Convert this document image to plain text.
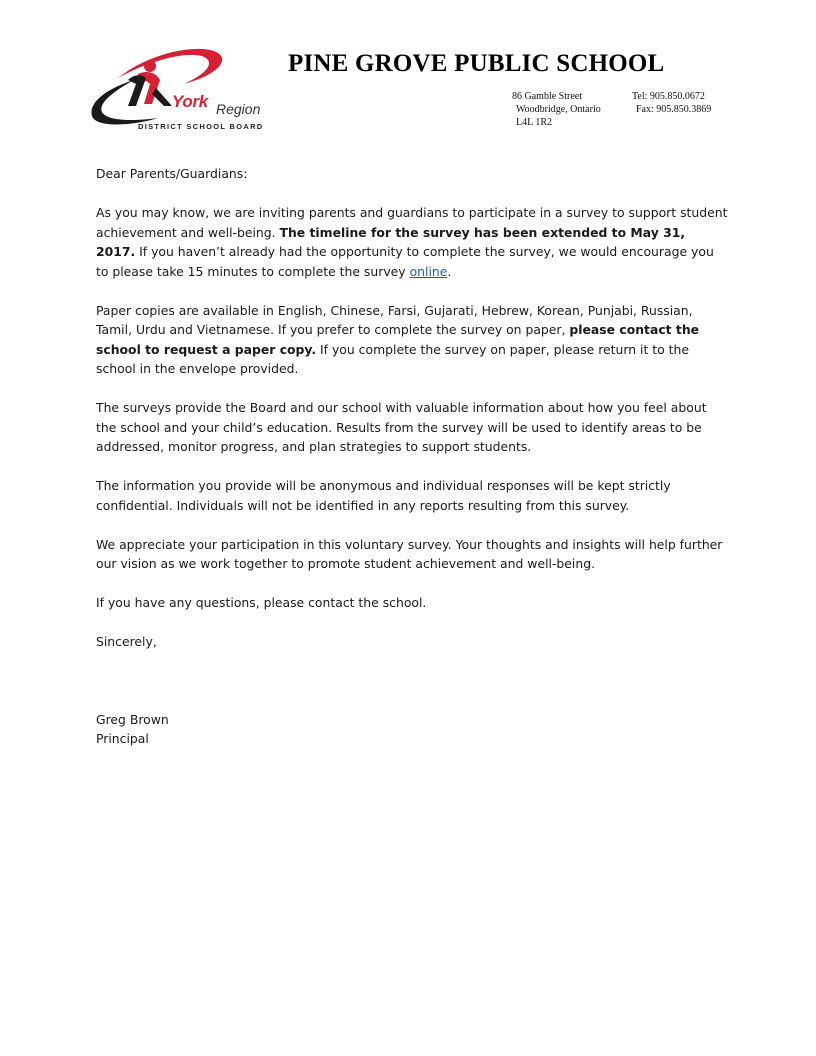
York Region
DISTRICT SCHOOL BOARD
PINE GROVE PUBLIC SCHOOL
86 Gamble Street
Woodbridge, Ontario
L4L 1R2
Tel: 905.850.0672
Fax: 905.850.3869

Dear Parents/Guardians:

As you may know, we are inviting parents and guardians to participate in a survey to support student achievement and well-being. The timeline for the survey has been extended to May 31, 2017. If you haven’t already had the opportunity to complete the survey, we would encourage you to please take 15 minutes to complete the survey online.

Paper copies are available in English, Chinese, Farsi, Gujarati, Hebrew, Korean, Punjabi, Russian, Tamil, Urdu and Vietnamese. If you prefer to complete the survey on paper, please contact the school to request a paper copy. If you complete the survey on paper, please return it to the school in the envelope provided.

The surveys provide the Board and our school with valuable information about how you feel about the school and your child’s education. Results from the survey will be used to identify areas to be addressed, monitor progress, and plan strategies to support students.

The information you provide will be anonymous and individual responses will be kept strictly confidential. Individuals will not be identified in any reports resulting from this survey.

We appreciate your participation in this voluntary survey. Your thoughts and insights will help further our vision as we work together to promote student achievement and well-being.

If you have any questions, please contact the school.

Sincerely,

Greg Brown

Principal
